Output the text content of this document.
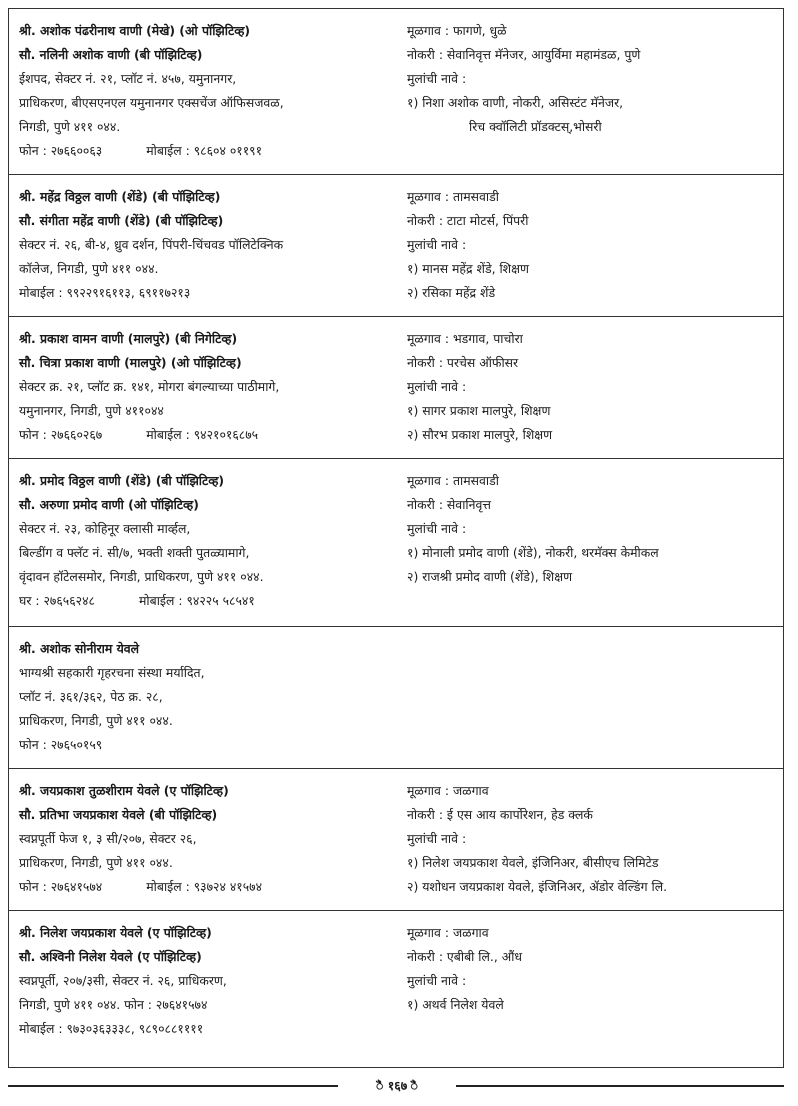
श्री. अशोक पंढरीनाथ वाणी (मेखे) (ओ पॉझिटिव्ह)
सौ. नलिनी अशोक वाणी (बी पॉझिटिव्ह)
ईशपद, सेक्टर नं. २१, प्लॉट नं. ४५७, यमुनानगर,
प्राधिकरण, बीएसएनएल यमुनानगर एक्सचेंज ऑफिसजवळ,
निगडी, पुणे ४११ ०४४.
फोन : २७६६००६३	मोबाईल : ९८६०४ ०११९१
मूळगाव : फागणे, धुळे
नोकरी : सेवानिवृत्त मॅनेजर, आयुर्विमा महामंडळ, पुणे
मुलांची नावे :
१) निशा अशोक वाणी, नोकरी, असिस्टंट मॅनेजर,
रिच क्वॉलिटी प्रॉडक्टस्,भोसरी
श्री. महेंद्र विठ्ठल वाणी (शेंडे) (बी पॉझिटिव्ह)
सौ. संगीता महेंद्र वाणी (शेंडे) (बी पॉझिटिव्ह)
सेक्टर नं. २६, बी-४, ध्रुव दर्शन, पिंपरी-चिंचवड पॉलिटेक्निक
कॉलेज, निगडी, पुणे ४११ ०४४.
मोबाईल : ९९२२९१६११३, ६९११७२१३
मूळगाव : तामसवाडी
नोकरी : टाटा मोटर्स, पिंपरी
मुलांची नावे :
१) मानस महेंद्र शेंडे, शिक्षण
२) रसिका महेंद्र शेंडे
श्री. प्रकाश वामन वाणी (मालपुरे) (बी निगेटिव्ह)
सौ. चित्रा प्रकाश वाणी (मालपुरे) (ओ पॉझिटिव्ह)
सेक्टर क्र. २१, प्लॉट क्र. १४१, मोगरा बंगल्याच्या पाठीमागे,
यमुनानगर, निगडी, पुणे ४११०४४
फोन : २७६६०२६७	मोबाईल : ९४२१०१६८७५
मूळगाव : भडगाव, पाचोरा
नोकरी : परचेस ऑफीसर
मुलांची नावे :
१) सागर प्रकाश मालपुरे, शिक्षण
२) सौरभ प्रकाश मालपुरे, शिक्षण
श्री. प्रमोद विठ्ठल वाणी (शेंडे) (बी पॉझिटिव्ह)
सौ. अरुणा प्रमोद वाणी (ओ पॉझिटिव्ह)
सेक्टर नं. २३, कोहिनूर क्लासी मार्व्हल,
बिल्डींग व फ्लॅट नं. सी/७, भक्ती शक्ती पुतळ्यामागे,
वृंदावन हॉटेलसमोर, निगडी, प्राधिकरण, पुणे ४११ ०४४.
घर : २७६५६२४८	मोबाईल : ९४२२५ ५८५४१
मूळगाव : तामसवाडी
नोकरी : सेवानिवृत्त
मुलांची नावे :
१) मोनाली प्रमोद वाणी (शेंडे), नोकरी, थरमॅक्स केमीकल
२) राजश्री प्रमोद वाणी (शेंडे), शिक्षण
श्री. अशोक सोनीराम येवले
भाग्यश्री सहकारी गृहरचना संस्था मर्यादित,
प्लॉट नं. ३६१/३६२, पेठ क्र. २८,
प्राधिकरण, निगडी, पुणे ४११ ०४४.
फोन : २७६५०१५९
श्री. जयप्रकाश तुळशीराम येवले (ए पॉझिटिव्ह)
सौ. प्रतिभा जयप्रकाश येवले (बी पॉझिटिव्ह)
स्वप्नपूर्ती फेज १, ३ सी/२०७, सेक्टर २६,
प्राधिकरण, निगडी, पुणे ४११ ०४४.
फोन : २७६४१५७४	मोबाईल : ९३७२४ ४१५७४
मूळगाव : जळगाव
नोकरी : ई एस आय कार्पोरेशन, हेड क्लर्क
मुलांची नावे :
१) निलेश जयप्रकाश येवले, इंजिनिअर, बीसीएच लिमिटेड
२) यशोधन जयप्रकाश येवले, इंजिनिअर, ॲडोर वेल्डिंग लि.
श्री. निलेश जयप्रकाश येवले (ए पॉझिटिव्ह)
सौ. अश्विनी निलेश येवले (ए पॉझिटिव्ह)
स्वप्नपूर्ती, २०७/३सी, सेक्टर नं. २६, प्राधिकरण,
निगडी, पुणे ४११ ०४४. फोन : २७६४१५७४
मोबाईल : ९७३०३६३३३८, ९८९०८८११११
मूळगाव : जळगाव
नोकरी : एबीबी लि., औंध
मुलांची नावे :
१) अथर्व निलेश येवले
ꣿ १६७ ꣿ
